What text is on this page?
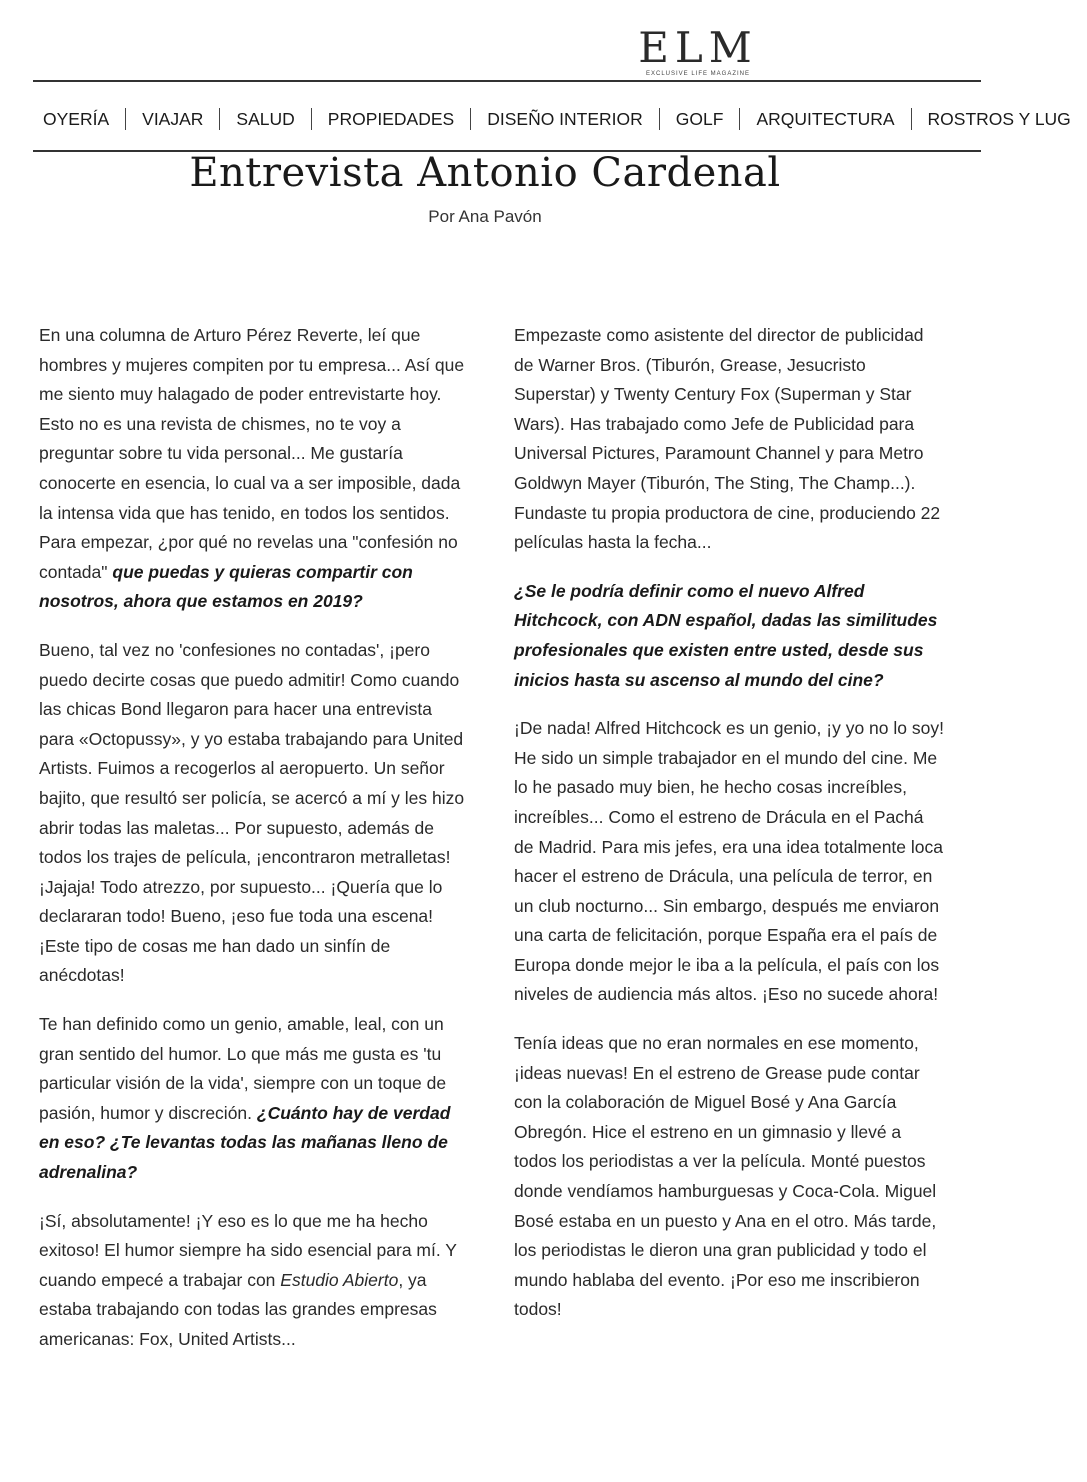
ELM
EXCLUSIVE LIFE MAGAZINE
OYERÍA	VIAJAR	SALUD	PROPIEDADES	DISEÑO INTERIOR	GOLF	ARQUITECTURA	ROSTROS Y LUG
Entrevista Antonio Cardenal
Por Ana Pavón

En una columna de Arturo Pérez Reverte, leí que hombres y mujeres compiten por tu empresa... Así que me siento muy halagado de poder entrevistarte hoy. Esto no es una revista de chismes, no te voy a preguntar sobre tu vida personal... Me gustaría conocerte en esencia, lo cual va a ser imposible, dada la intensa vida que has tenido, en todos los sentidos. Para empezar, ¿por qué no revelas una "confesión no contada" que puedas y quieras compartir con nosotros, ahora que estamos en 2019?

Bueno, tal vez no 'confesiones no contadas', ¡pero puedo decirte cosas que puedo admitir! Como cuando las chicas Bond llegaron para hacer una entrevista para «Octopussy», y yo estaba trabajando para United Artists. Fuimos a recogerlos al aeropuerto. Un señor bajito, que resultó ser policía, se acercó a mí y les hizo abrir todas las maletas... Por supuesto, además de todos los trajes de película, ¡encontraron metralletas! ¡Jajaja! Todo atrezzo, por supuesto... ¡Quería que lo declararan todo! Bueno, ¡eso fue toda una escena! ¡Este tipo de cosas me han dado un sinfín de anécdotas!

Te han definido como un genio, amable, leal, con un gran sentido del humor. Lo que más me gusta es 'tu particular visión de la vida', siempre con un toque de pasión, humor y discreción. ¿Cuánto hay de verdad en eso? ¿Te levantas todas las mañanas lleno de adrenalina?

¡Sí, absolutamente! ¡Y eso es lo que me ha hecho exitoso! El humor siempre ha sido esencial para mí. Y cuando empecé a trabajar con Estudio Abierto, ya estaba trabajando con todas las grandes empresas americanas: Fox, United Artists...

Empezaste como asistente del director de publicidad de Warner Bros. (Tiburón, Grease, Jesucristo Superstar) y Twenty Century Fox (Superman y Star Wars). Has trabajado como Jefe de Publicidad para Universal Pictures, Paramount Channel y para Metro Goldwyn Mayer (Tiburón, The Sting, The Champ...). Fundaste tu propia productora de cine, produciendo 22 películas hasta la fecha...

¿Se le podría definir como el nuevo Alfred Hitchcock, con ADN español, dadas las similitudes profesionales que existen entre usted, desde sus inicios hasta su ascenso al mundo del cine?

¡De nada! Alfred Hitchcock es un genio, ¡y yo no lo soy! He sido un simple trabajador en el mundo del cine. Me lo he pasado muy bien, he hecho cosas increíbles, increíbles... Como el estreno de Drácula en el Pachá de Madrid. Para mis jefes, era una idea totalmente loca hacer el estreno de Drácula, una película de terror, en un club nocturno... Sin embargo, después me enviaron una carta de felicitación, porque España era el país de Europa donde mejor le iba a la película, el país con los niveles de audiencia más altos. ¡Eso no sucede ahora!

Tenía ideas que no eran normales en ese momento, ¡ideas nuevas! En el estreno de Grease pude contar con la colaboración de Miguel Bosé y Ana García Obregón. Hice el estreno en un gimnasio y llevé a todos los periodistas a ver la película. Monté puestos donde vendíamos hamburguesas y Coca-Cola. Miguel Bosé estaba en un puesto y Ana en el otro. Más tarde, los periodistas le dieron una gran publicidad y todo el mundo hablaba del evento. ¡Por eso me inscribieron todos!
